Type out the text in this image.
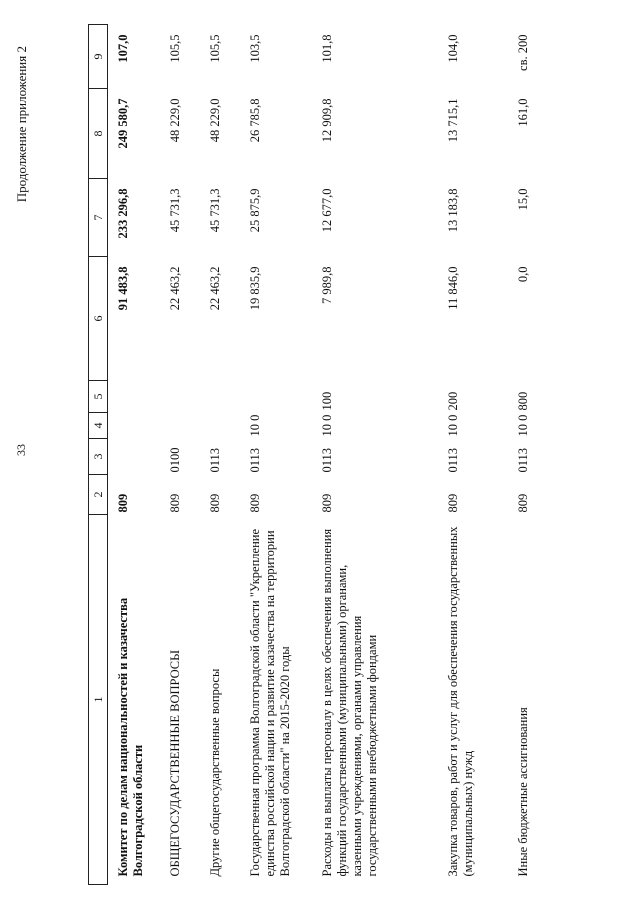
33
Продолжение приложения 2
1	2	3	4	5	6	7	8	9
Комитет по делам национальностей и казачества Волгоградской области	809				91 483,8	233 296,8	249 580,7	107,0
ОБЩЕГОСУДАРСТВЕННЫЕ ВОПРОСЫ	809	0100			22 463,2	45 731,3	48 229,0	105,5
Другие общегосударственные вопросы	809	0113			22 463,2	45 731,3	48 229,0	105,5
Государственная программа Волгоградской области "Укрепление единства российской нации и развитие казачества на территории Волгоградской области" на 2015-2020 годы	809	0113	10 0		19 835,9	25 875,9	26 785,8	103,5
Расходы на выплаты персоналу в целях обеспечения выполнения функций государственными (муниципальными) органами, казенными учреждениями, органами управления государственными внебюджетными фондами	809	0113	10 0	100	7 989,8	12 677,0	12 909,8	101,8
Закупка товаров, работ и услуг для обеспечения государственных (муниципальных) нужд	809	0113	10 0	200	11 846,0	13 183,8	13 715,1	104,0
Иные бюджетные ассигнования	809	0113	10 0	800	0,0	15,0	161,0	св. 200
